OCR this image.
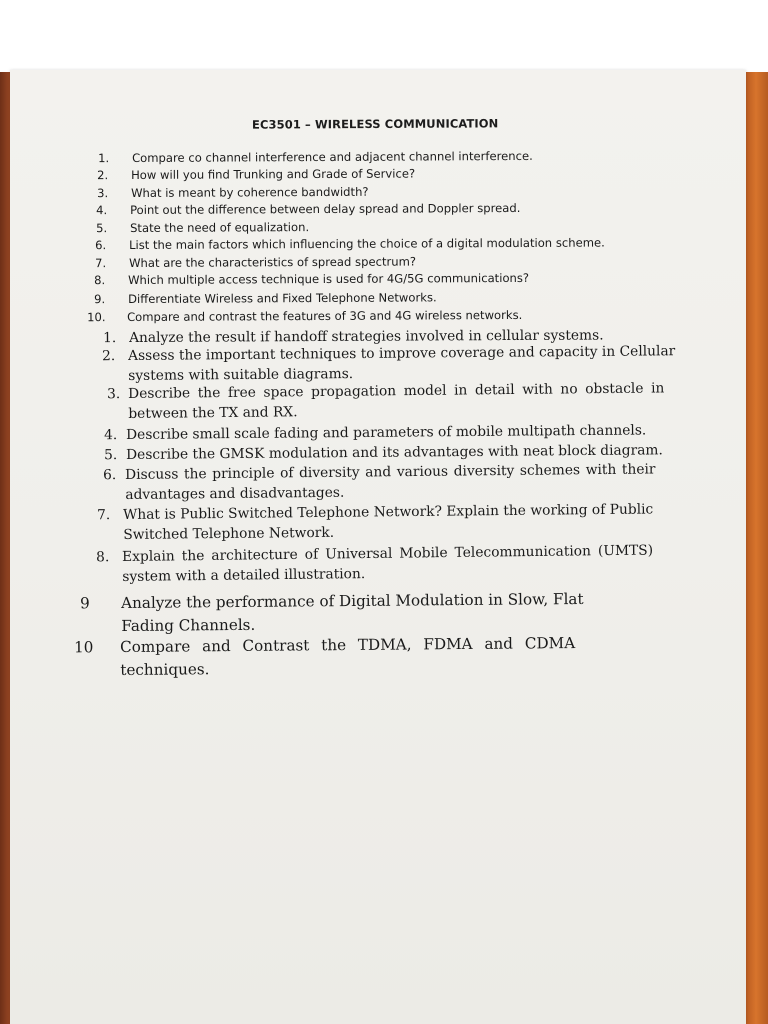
EC3501 – WIRELESS COMMUNICATION
1. Compare co channel interference and adjacent channel interference.
2. How will you find Trunking and Grade of Service?
3. What is meant by coherence bandwidth?
4. Point out the difference between delay spread and Doppler spread.
5. State the need of equalization.
6. List the main factors which influencing the choice of a digital modulation scheme.
7. What are the characteristics of spread spectrum?
8. Which multiple access technique is used for 4G/5G communications?
9. Differentiate Wireless and Fixed Telephone Networks.
10. Compare and contrast the features of 3G and 4G wireless networks.
1. Analyze the result if handoff strategies involved in cellular systems.
2. Assess the important techniques to improve coverage and capacity in Cellular
systems with suitable diagrams.
3. Describe the free space propagation model in detail with no obstacle in
between the TX and RX.
4. Describe small scale fading and parameters of mobile multipath channels.
5. Describe the GMSK modulation and its advantages with neat block diagram.
6. Discuss the principle of diversity and various diversity schemes with their
advantages and disadvantages.
7. What is Public Switched Telephone Network? Explain the working of Public
Switched Telephone Network.
8. Explain the architecture of Universal Mobile Telecommunication (UMTS)
system with a detailed illustration.
9 Analyze the performance of Digital Modulation in Slow, Flat
Fading Channels.
10 Compare and Contrast the TDMA, FDMA and CDMA
techniques.
